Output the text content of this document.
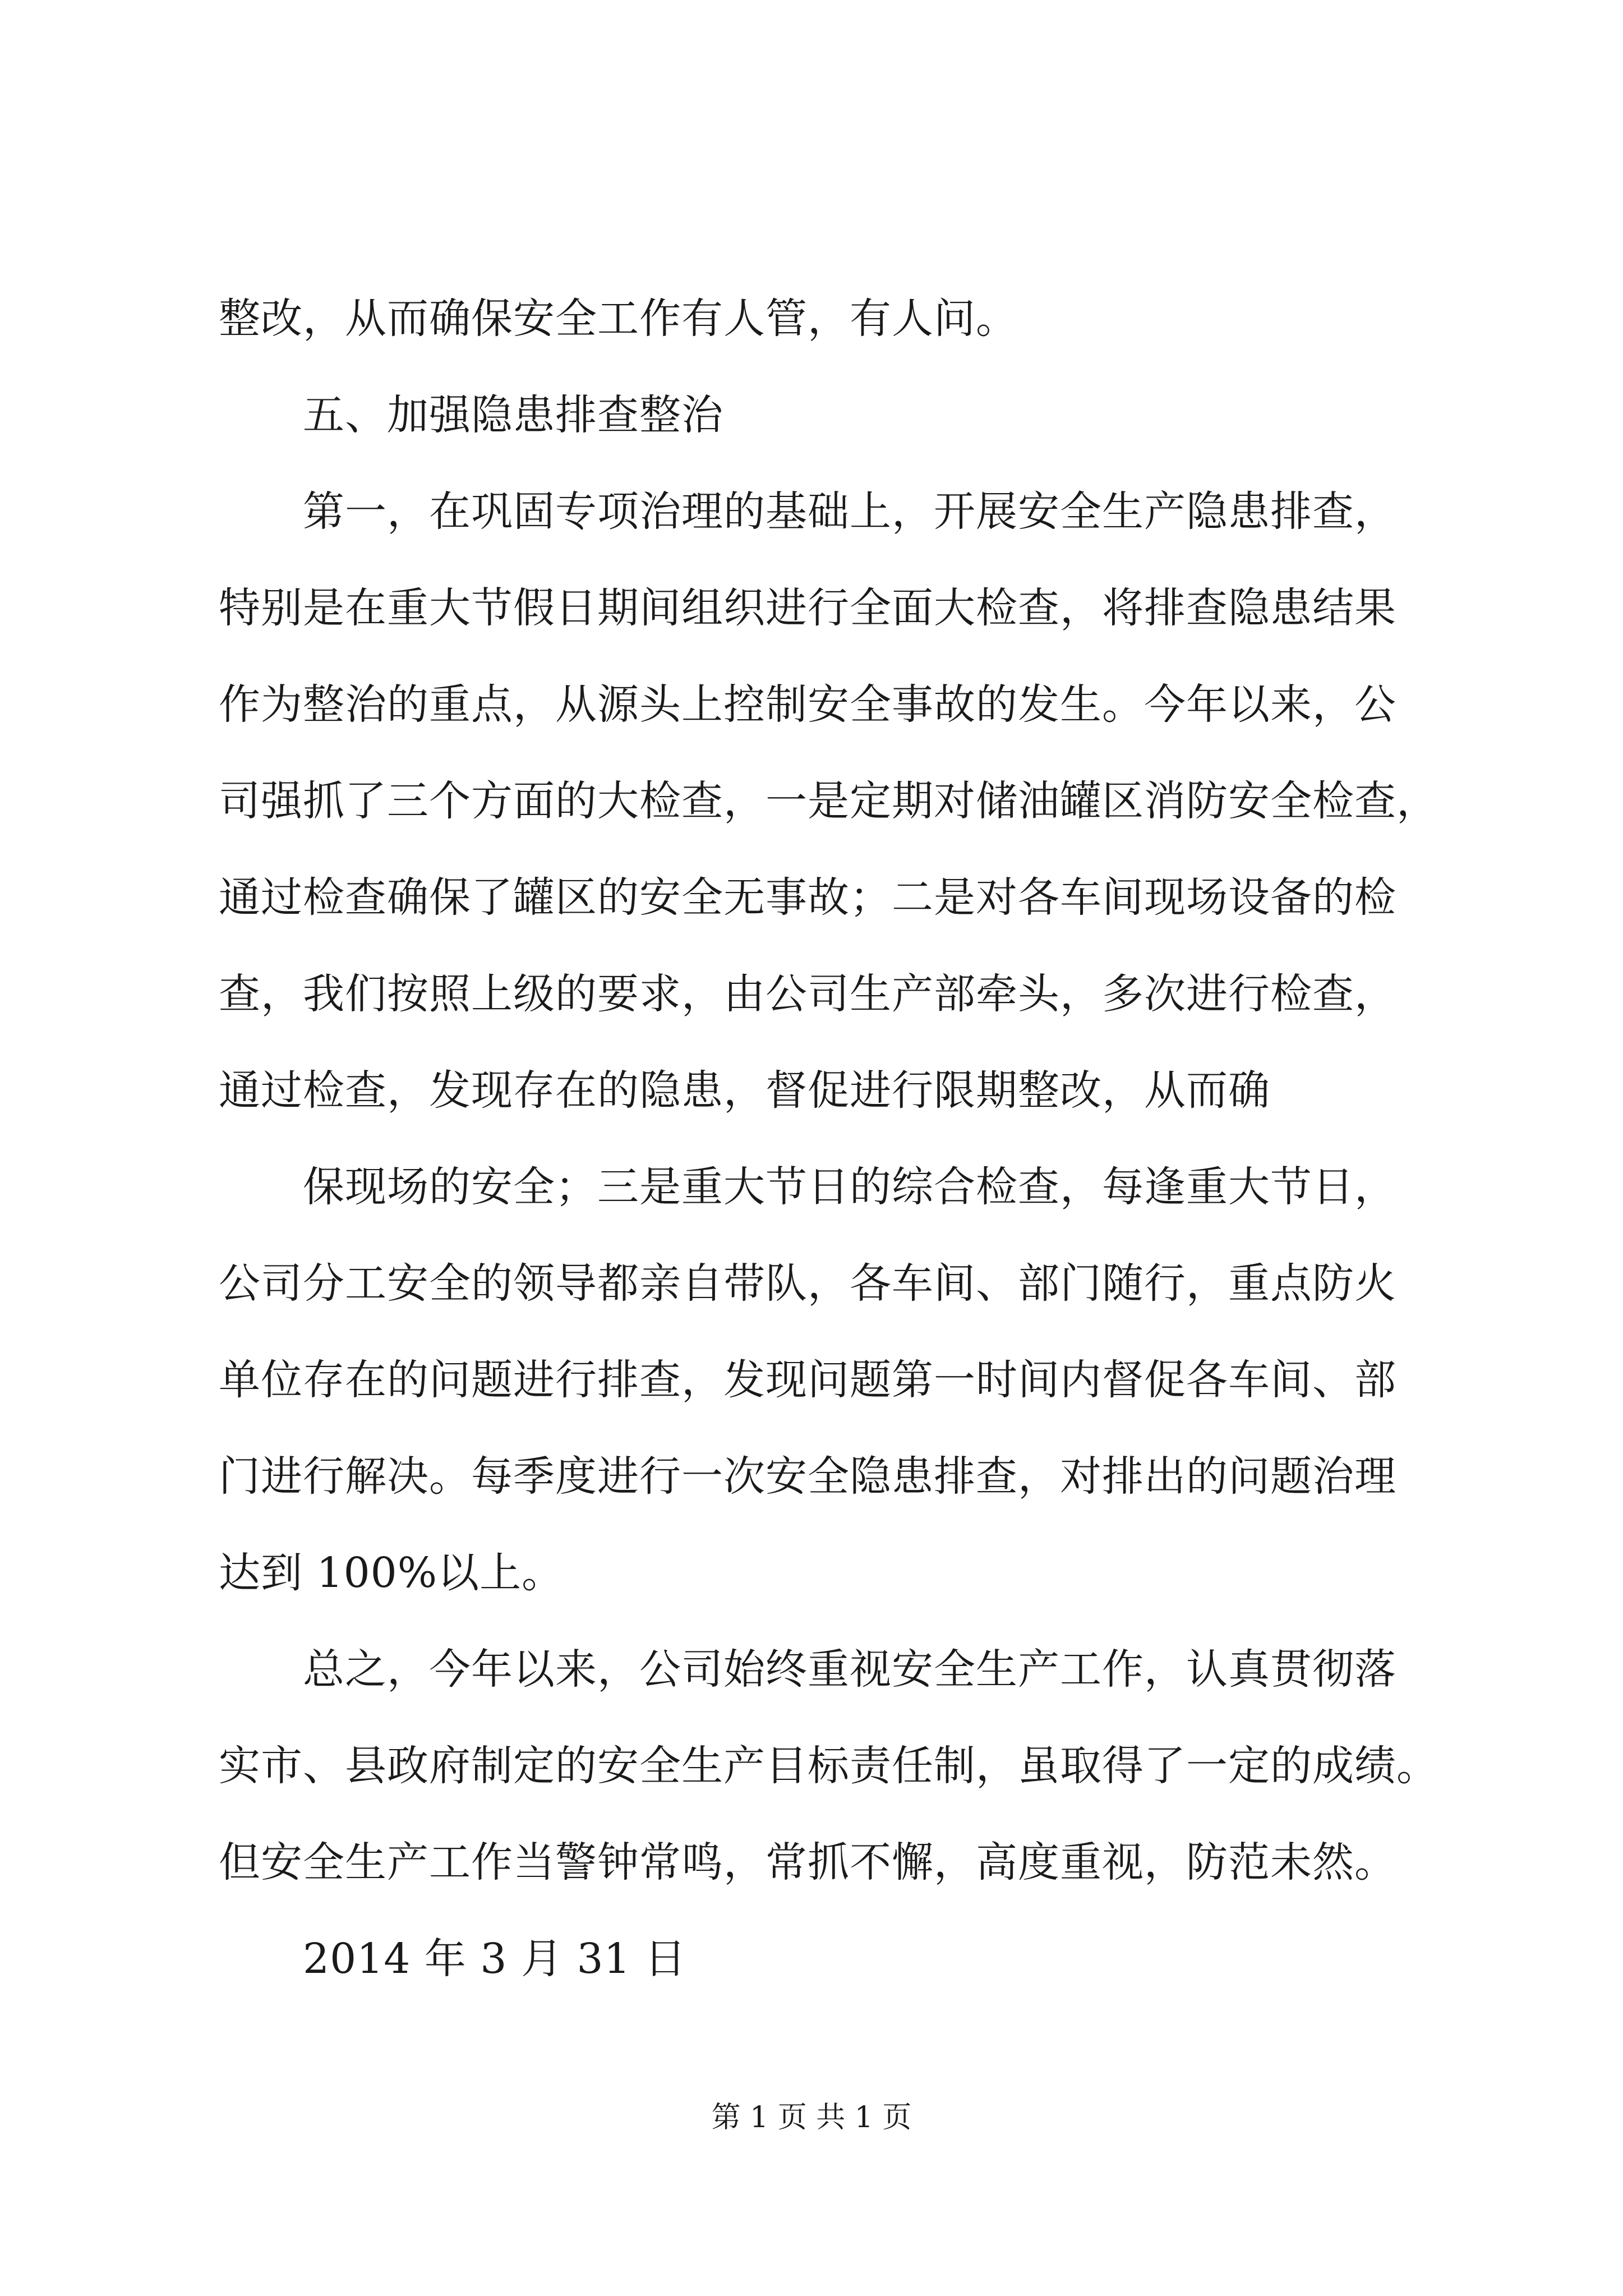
整改，从而确保安全工作有人管，有人问。
五、加强隐患排查整治
第一，在巩固专项治理的基础上，开展安全生产隐患排查，
特别是在重大节假日期间组织进行全面大检查，将排查隐患结果
作为整治的重点，从源头上控制安全事故的发生。今年以来，公
司强抓了三个方面的大检查，一是定期对储油罐区消防安全检查，
通过检查确保了罐区的安全无事故；二是对各车间现场设备的检
查，我们按照上级的要求，由公司生产部牵头，多次进行检查，
通过检查，发现存在的隐患，督促进行限期整改，从而确
保现场的安全；三是重大节日的综合检查，每逢重大节日，
公司分工安全的领导都亲自带队，各车间、部门随行，重点防火
单位存在的问题进行排查，发现问题第一时间内督促各车间、部
门进行解决。每季度进行一次安全隐患排查，对排出的问题治理
达到 100%以上。
总之，今年以来，公司始终重视安全生产工作，认真贯彻落
实市、县政府制定的安全生产目标责任制，虽取得了一定的成绩。
但安全生产工作当警钟常鸣，常抓不懈，高度重视，防范未然。
2014 年 3 月 31 日
第 1 页 共 1 页
